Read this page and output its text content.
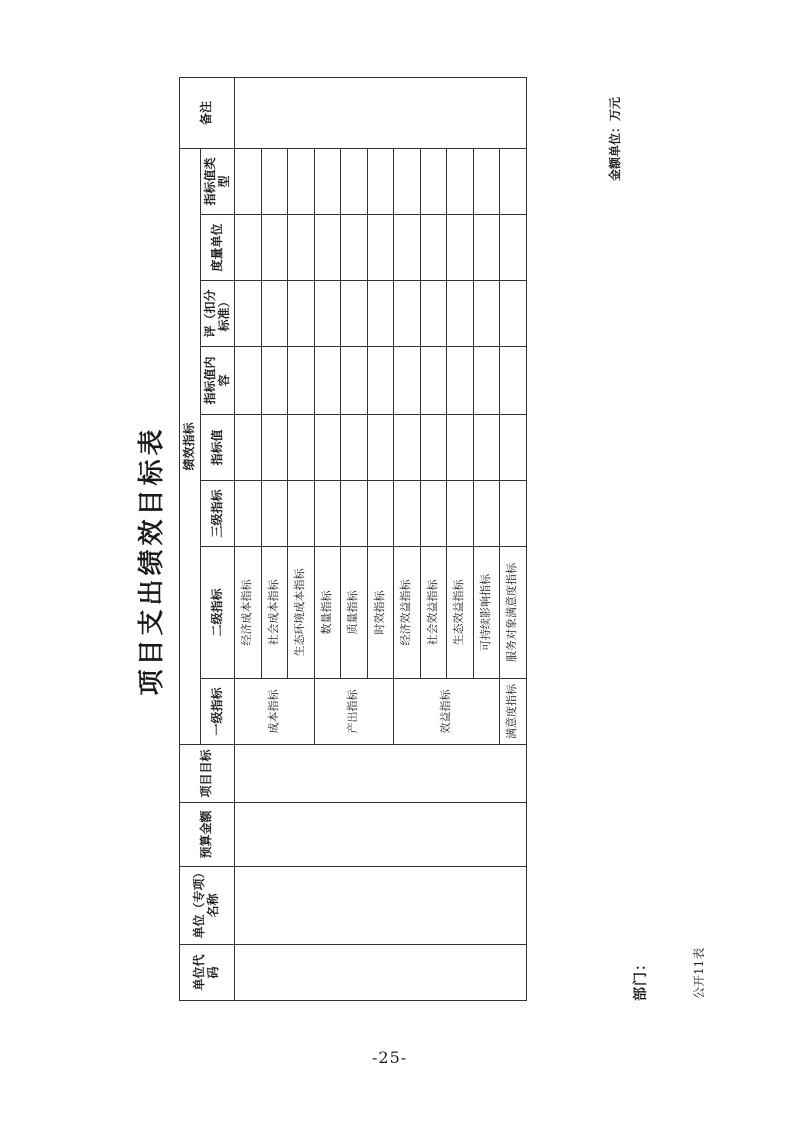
部门：	公开11表
项目支出绩效目标表
金额单位：万元
单位代码	单位（专项）名称	预算金额	项目目标	绩效指标								备注
				一级指标	二级指标	三级指标	指标值	指标值内容	评（扣分标准）	度量单位	指标值类型	
				成本指标	经济成本指标							
					社会成本指标							
					生态环境成本指标							
				产出指标	数量指标							
					质量指标							
					时效指标							
				效益指标	经济效益指标							
					社会效益指标							
					生态效益指标							
					可持续影响指标							
				满意度指标	服务对象满意度指标							
-25-
